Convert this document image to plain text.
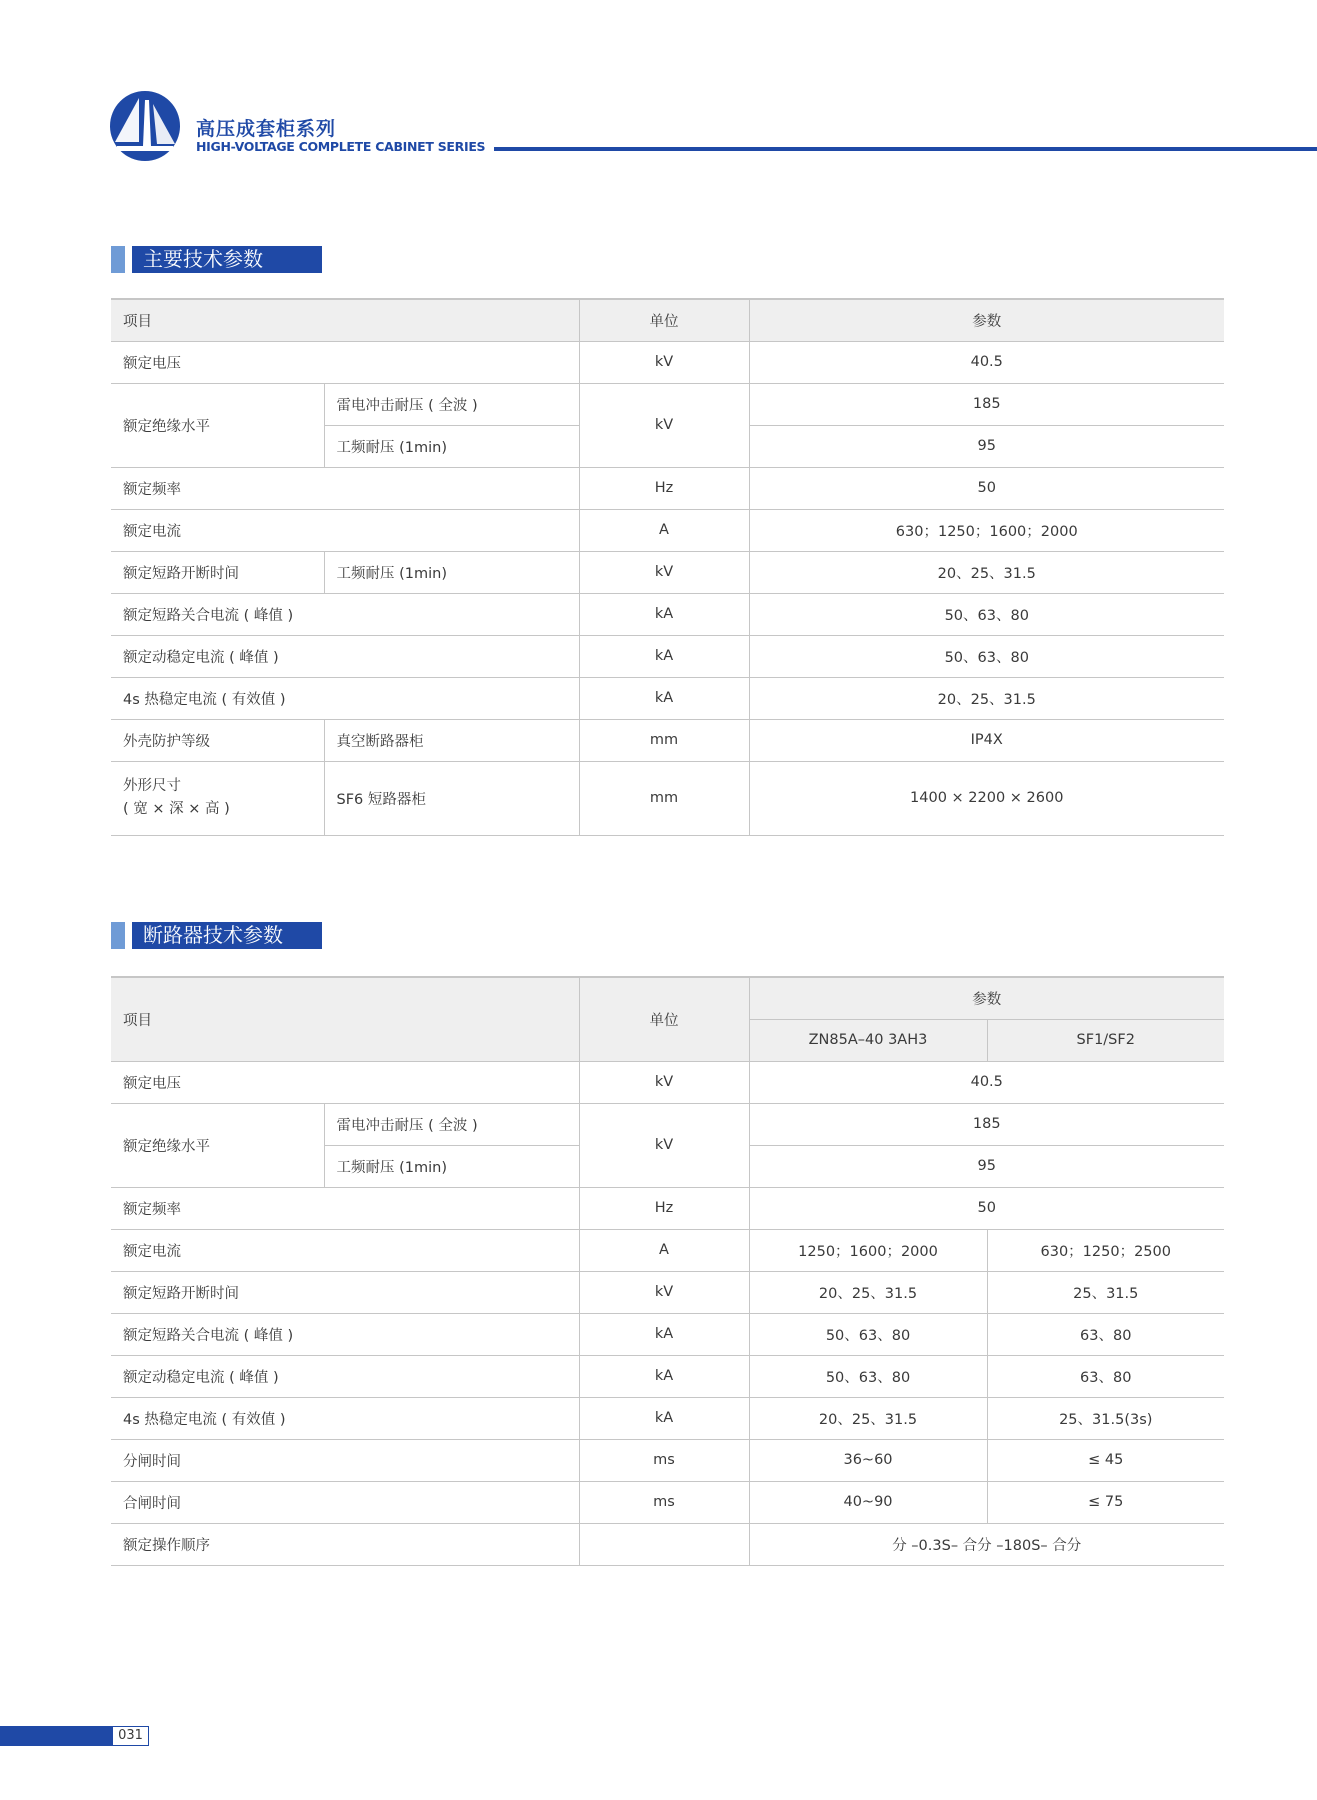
高压成套柜系列
HIGH-VOLTAGE COMPLETE CABINET SERIES
主要技术参数
项目		单位	参数
额定电压		kV	40.5
额定绝缘水平	雷电冲击耐压 ( 全波 )	kV	185
	工频耐压 (1min)		95
额定频率		Hz	50
额定电流		A	630；1250；1600；2000
额定短路开断时间	工频耐压 (1min)	kV	20、25、31.5
额定短路关合电流 ( 峰值 )		kA	50、63、80
额定动稳定电流 ( 峰值 )		kA	50、63、80
4s 热稳定电流 ( 有效值 )		kA	20、25、31.5
外壳防护等级	真空断路器柜	mm	IP4X

外形尺寸
( 宽 × 深 × 高 )	SF6 短路器柜	mm	1400 × 2200 × 2600
断路器技术参数
项目		单位	参数	
			ZN85A–40 3AH3	SF1/SF2
额定电压		kV	40.5	
额定绝缘水平	雷电冲击耐压 ( 全波 )	kV	185	
	工频耐压 (1min)		95	
额定频率		Hz	50	
额定电流		A	1250；1600；2000	630；1250；2500
额定短路开断时间		kV	20、25、31.5	25、31.5
额定短路关合电流 ( 峰值 )		kA	50、63、80	63、80
额定动稳定电流 ( 峰值 )		kA	50、63、80	63、80
4s 热稳定电流 ( 有效值 )		kA	20、25、31.5	25、31.5(3s)
分闸时间		ms	36~60	≤ 45
合闸时间		ms	40~90	≤ 75
额定操作顺序			分 –0.3S– 合分 –180S– 合分	
031
